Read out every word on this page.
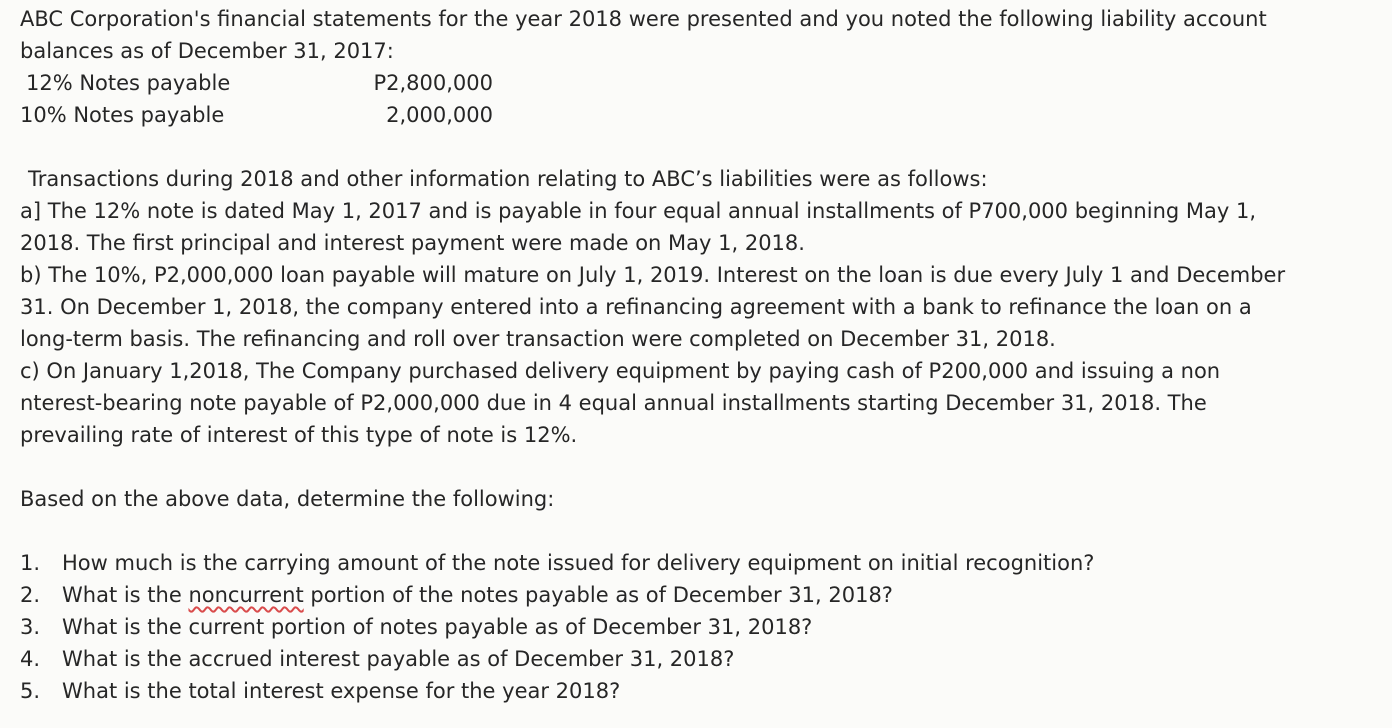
ABC Corporation's financial statements for the year 2018 were presented and you noted the following liability account
balances as of December 31, 2017:
12% Notes payable	P2,800,000
10% Notes payable	2,000,000
Transactions during 2018 and other information relating to ABC’s liabilities were as follows:
a] The 12% note is dated May 1, 2017 and is payable in four equal annual installments of P700,000 beginning May 1,
2018. The first principal and interest payment were made on May 1, 2018.
b) The 10%, P2,000,000 loan payable will mature on July 1, 2019. Interest on the loan is due every July 1 and December
31. On December 1, 2018, the company entered into a refinancing agreement with a bank to refinance the loan on a
long-term basis. The refinancing and roll over transaction were completed on December 31, 2018.
c) On January 1,2018, The Company purchased delivery equipment by paying cash of P200,000 and issuing a non
nterest-bearing note payable of P2,000,000 due in 4 equal annual installments starting December 31, 2018. The
prevailing rate of interest of this type of note is 12%.
Based on the above data, determine the following:
1.	How much is the carrying amount of the note issued for delivery equipment on initial recognition?
2.	What is the noncurrent portion of the notes payable as of December 31, 2018?
3.	What is the current portion of notes payable as of December 31, 2018?
4.	What is the accrued interest payable as of December 31, 2018?
5.	What is the total interest expense for the year 2018?
